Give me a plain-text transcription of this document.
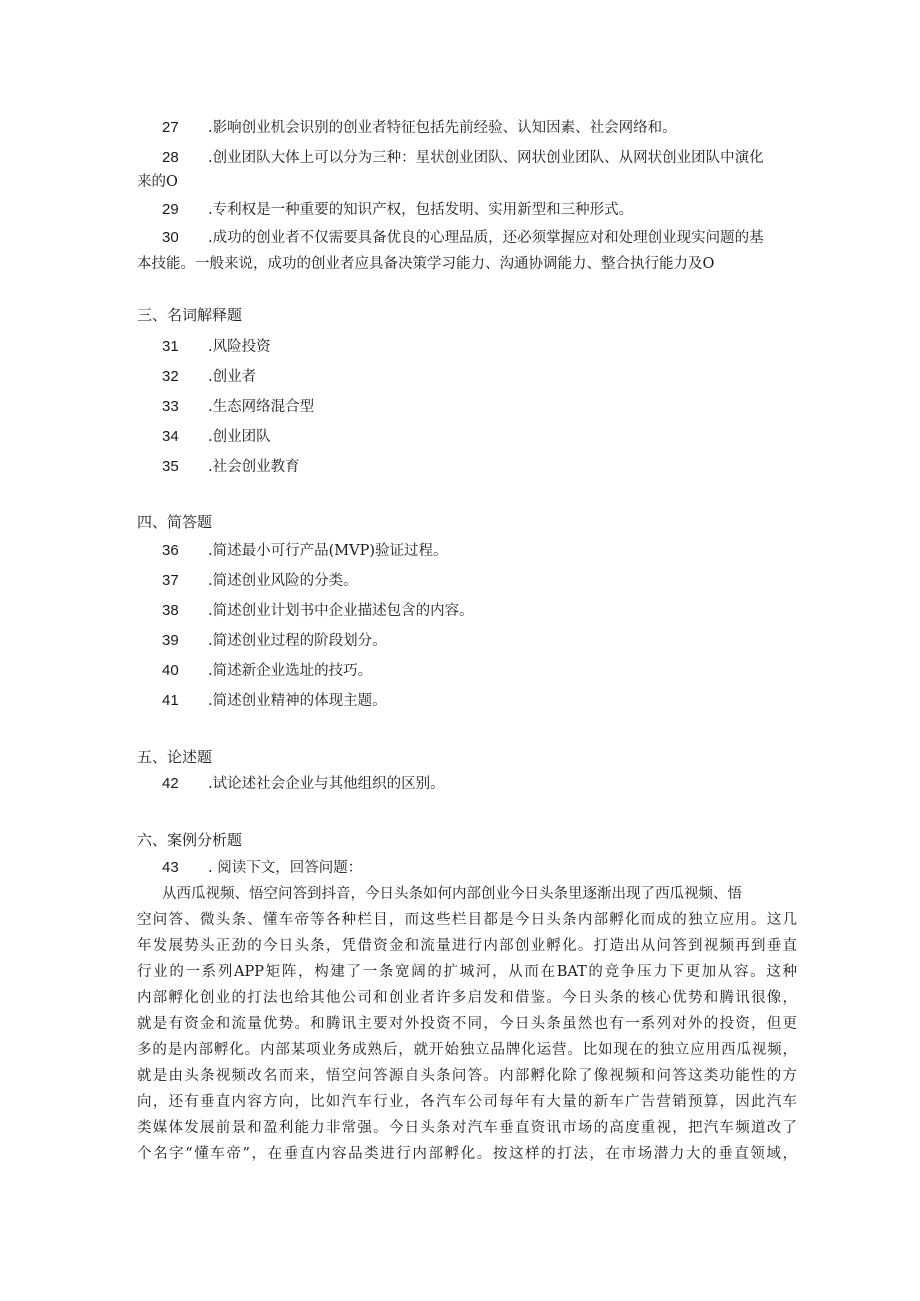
27 .影响创业机会识别的创业者特征包括先前经验、认知因素、社会网络和。
28 .创业团队大体上可以分为三种：星状创业团队、网状创业团队、从网状创业团队中演化
来的O
29 .专利权是一种重要的知识产权，包括发明、实用新型和三种形式。
30 .成功的创业者不仅需要具备优良的心理品质，还必须掌握应对和处理创业现实问题的基
本技能。一般来说，成功的创业者应具备决策学习能力、沟通协调能力、整合执行能力及O
三、名词解释题
31 .风险投资
32 .创业者
33 .生态网络混合型
34 .创业团队
35 .社会创业教育
四、简答题
36 .简述最小可行产品(MVP)验证过程。
37 .简述创业风险的分类。
38 .简述创业计划书中企业描述包含的内容。
39 .简述创业过程的阶段划分。
40 .简述新企业选址的技巧。
41 .简述创业精神的体现主题。
五、论述题
42 .试论述社会企业与其他组织的区别。
六、案例分析题
43 . 阅读下文，回答问题：
从西瓜视频、悟空问答到抖音，今日头条如何内部创业今日头条里逐渐出现了西瓜视频、悟
空问答、微头条、懂车帝等各种栏目，而这些栏目都是今日头条内部孵化而成的独立应用。这几
年发展势头正劲的今日头条，凭借资金和流量进行内部创业孵化。打造出从问答到视频再到垂直
行业的一系列APP矩阵，构建了一条宽阔的扩城河，从而在BAT的竞争压力下更加从容。这种
内部孵化创业的打法也给其他公司和创业者许多启发和借鉴。今日头条的核心优势和腾讯很像，
就是有资金和流量优势。和腾讯主要对外投资不同，今日头条虽然也有一系列对外的投资，但更
多的是内部孵化。内部某项业务成熟后，就开始独立品牌化运营。比如现在的独立应用西瓜视频，
就是由头条视频改名而来，悟空问答源自头条问答。内部孵化除了像视频和问答这类功能性的方
向，还有垂直内容方向，比如汽车行业，各汽车公司每年有大量的新车广告营销预算，因此汽车
类媒体发展前景和盈利能力非常强。今日头条对汽车垂直资讯市场的高度重视，把汽车频道改了
个名字“懂车帝”，在垂直内容品类进行内部孵化。按这样的打法，在市场潜力大的垂直领域，
